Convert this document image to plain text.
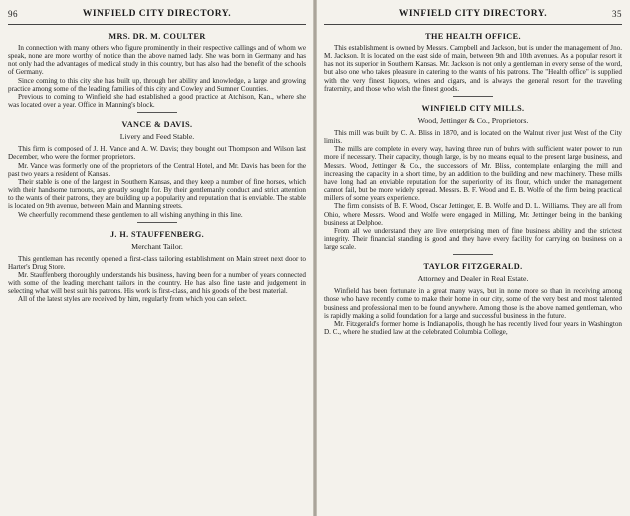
96	WINFIELD CITY DIRECTORY.
MRS. DR. M. COULTER

In connection with many others who figure prominently in their respective callings and of whom we speak, none are more worthy of notice than the above named lady. She was born in Germany and has not only had the advantages of medical study in this country, but has also had the benefit of the schools of Germany.

Since coming to this city she has built up, through her ability and knowledge, a large and growing practice among some of the leading families of this city and Cowley and Sumner Counties.

Previous to coming to Winfield she had established a good practice at Atchison, Kan., where she was located over a year. Office in Manning's block.

VANCE & DAVIS.
Livery and Feed Stable.

This firm is composed of J. H. Vance and A. W. Davis; they bought out Thompson and Wilson last December, who were the former proprietors.

Mr. Vance was formerly one of the proprietors of the Central Hotel, and Mr. Davis has been for the past two years a resident of Kansas.

Their stable is one of the largest in Southern Kansas, and they keep a number of fine horses, which with their handsome turnouts, are greatly sought for. By their gentlemanly conduct and strict attention to the wants of their patrons, they are building up a popularity and reputation that is enviable. The stable is located on 9th avenue, between Main and Manning streets.

We cheerfully recommend these gentlemen to all wishing anything in this line.

J. H. STAUFFENBERG.
Merchant Tailor.

This gentleman has recently opened a first-class tailoring establishment on Main street next door to Harter's Drug Store.

Mr. Stauffenberg thoroughly understands his business, having been for a number of years connected with some of the leading merchant tailors in the country. He has also fine taste and judgement in selecting what will best suit his patrons. His work is first-class, and his goods of the best material.

All of the latest styles are received by him, regularly from which you can select.

WINFIELD CITY DIRECTORY.	35
THE HEALTH OFFICE.

This establishment is owned by Messrs. Campbell and Jackson, but is under the management of Jno. M. Jackson. It is located on the east side of main, between 9th and 10th avenues. As a popular resort it has not its superior in Southern Kansas. Mr. Jackson is not only a gentleman in every sense of the word, but also one who takes pleasure in catering to the wants of his patrons. The "Health office" is supplied with the very finest liquors, wines and cigars, and is always the general resort for the traveling fraternity, and those who wish the finest goods.

WINFIELD CITY MILLS.
Wood, Jettinger & Co., Proprietors.

This mill was built by C. A. Bliss in 1870, and is located on the Walnut river just West of the City limits.

The mills are complete in every way, having three run of buhrs with sufficient water power to run more if necessary. Their capacity, though large, is by no means equal to the present large business, and Messrs. Wood, Jettinger & Co., the successors of Mr. Bliss, contemplate enlarging the mill and increasing the capacity in a short time, by an addition to the building and new machinery. These mills have long had an enviable reputation for the superiority of its flour, which under the management cannot fail, but be more widely spread. Messrs. B. F. Wood and E. B. Wolfe of the firm being practical millers of some years experience.

The firm consists of B. F. Wood, Oscar Jettinger, E. B. Wolfe and D. L. Williams. They are all from Ohio, where Messrs. Wood and Wolfe were engaged in Milling, Mr. Jettinger being in the banking business at Delphoe.

From all we understand they are live enterprising men of fine business ability and the strictest integrity. Their financial standing is good and they have every facility for carrying on business on a large scale.

TAYLOR FITZGERALD.
Attorney and Dealer in Real Estate.

Winfield has been fortunate in a great many ways, but in none more so than in receiving among those who have recently come to make their home in our city, some of the very best and most talented business and professional men to be found anywhere. Among those is the above named gentleman, who is rapidly making a solid foundation for a large and successful business in the future.

Mr. Fitzgerald's former home is Indianapolis, though he has recently lived four years in Washington D. C., where he studied law at the celebrated Columbia College,
